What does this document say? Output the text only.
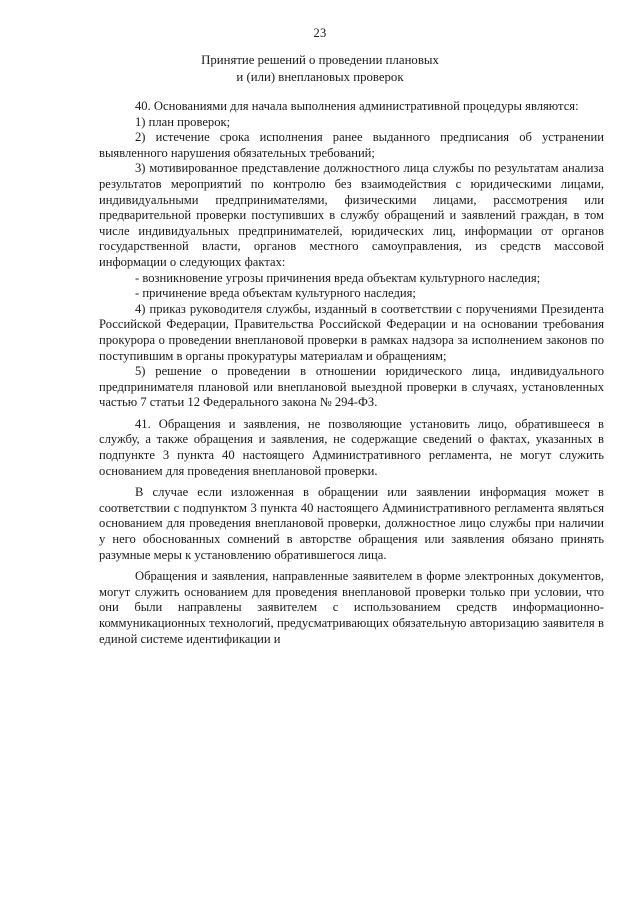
23
Принятие решений о проведении плановых
и (или) внеплановых проверок

40. Основаниями для начала выполнения административной процедуры являются:

1) план проверок;

2) истечение срока исполнения ранее выданного предписания об устранении выявленного нарушения обязательных требований;

3) мотивированное представление должностного лица службы по результатам анализа результатов мероприятий по контролю без взаимодействия с юридическими лицами, индивидуальными предпринимателями, физическими лицами, рассмотрения или предварительной проверки поступивших в службу обращений и заявлений граждан, в том числе индивидуальных предпринимателей, юридических лиц, информации от органов государственной власти, органов местного самоуправления, из средств массовой информации о следующих фактах:

- возникновение угрозы причинения вреда объектам культурного наследия;

- причинение вреда объектам культурного наследия;

4) приказ руководителя службы, изданный в соответствии с поручениями Президента Российской Федерации, Правительства Российской Федерации и на основании требования прокурора о проведении внеплановой проверки в рамках надзора за исполнением законов по поступившим в органы прокуратуры материалам и обращениям;

5) решение о проведении в отношении юридического лица, индивидуального предпринимателя плановой или внеплановой выездной проверки в случаях, установленных частью 7 статьи 12 Федерального закона № 294-ФЗ.

41. Обращения и заявления, не позволяющие установить лицо, обратившееся в службу, а также обращения и заявления, не содержащие сведений о фактах, указанных в подпункте 3 пункта 40 настоящего Административного регламента, не могут служить основанием для проведения внеплановой проверки.

В случае если изложенная в обращении или заявлении информация может в соответствии с подпунктом 3 пункта 40 настоящего Административного регламента являться основанием для проведения внеплановой проверки, должностное лицо службы при наличии у него обоснованных сомнений в авторстве обращения или заявления обязано принять разумные меры к установлению обратившегося лица.

Обращения и заявления, направленные заявителем в форме электронных документов, могут служить основанием для проведения внеплановой проверки только при условии, что они были направлены заявителем с использованием средств информационно-коммуникационных технологий, предусматривающих обязательную авторизацию заявителя в единой системе идентификации и
